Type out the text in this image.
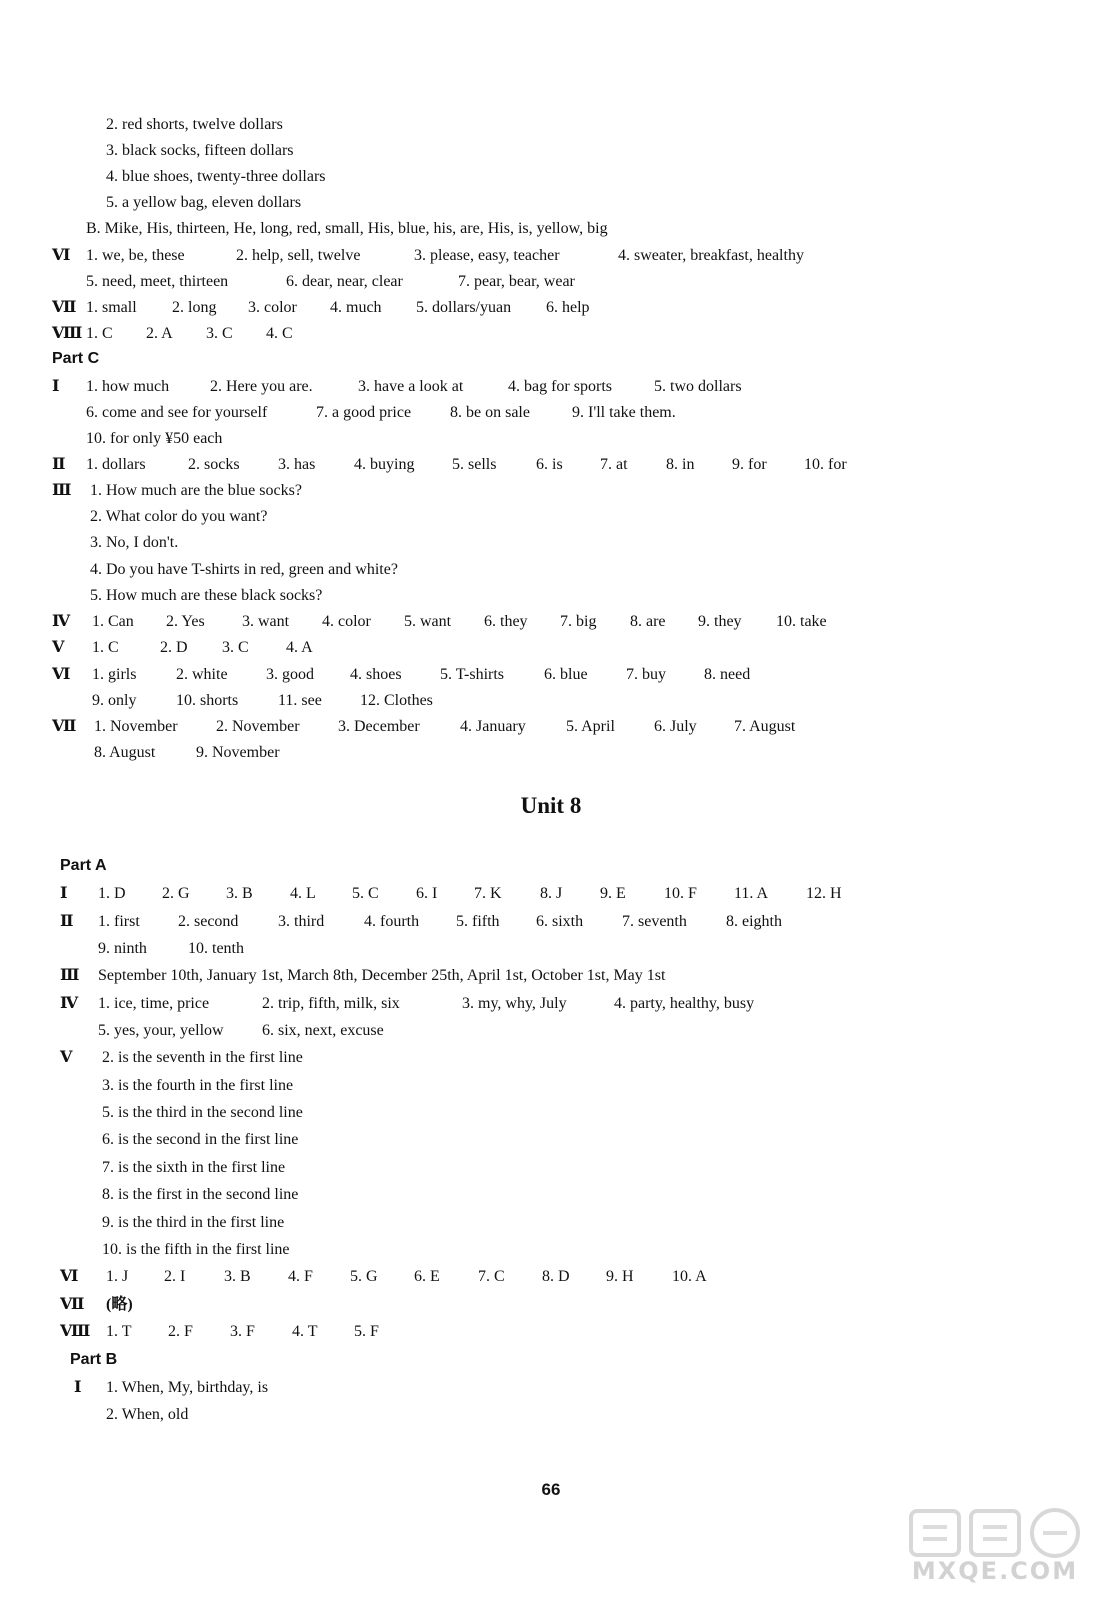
2. red shorts, twelve dollars
3. black socks, fifteen dollars
4. blue shoes, twenty-three dollars
5. a yellow bag, eleven dollars
B. Mike, His, thirteen, He, long, red, small, His, blue, his, are, His, is, yellow, big
Ⅵ 1. we, be, these	2. help, sell, twelve	3. please, easy, teacher	4. sweater, breakfast, healthy
5. need, meet, thirteen	6. dear, near, clear	7. pear, bear, wear
Ⅶ 1. small 2. long 3. color 4. much 5. dollars/yuan 6. help
Ⅷ 1. C 2. A 3. C 4. C
Part C
Ⅰ 1. how much	2. Here you are.	3. have a look at	4. bag for sports	5. two dollars
6. come and see for yourself	7. a good price 8. be on sale	9. I'll take them.
10. for only ¥50 each
Ⅱ 1. dollars	2. socks 3. has 4. buying 5. sells 6. is 7. at 8. in 9. for 10. for
Ⅲ 1. How much are the blue socks?
2. What color do you want?
3. No, I don't.
4. Do you have T-shirts in red, green and white?
5. How much are these black socks?
Ⅳ 1. Can 2. Yes 3. want 4. color 5. want 6. they 7. big 8. are 9. they 10. take
Ⅴ 1. C	2. D 3. C 4. A
Ⅵ 1. girls 2. white 3. good 4. shoes 5. T-shirts 6. blue 7. buy 8. need
9. only 10. shorts 11. see 12. Clothes
Ⅶ 1. November 2. November 3. December	4. January	5. April 6. July 7. August
8. August	9. November
Unit 8
Part A
Ⅰ 1. D 2. G 3. B 4. L 5. C 6. I 7. K 8. J 9. E 10. F 11. A 12. H
Ⅱ 1. first 2. second 3. third 4. fourth 5. fifth 6. sixth 7. seventh 8. eighth
9. ninth	10. tenth
Ⅲ September 10th, January 1st, March 8th, December 25th, April 1st, October 1st, May 1st
Ⅳ 1. ice, time, price	2. trip, fifth, milk, six	3. my, why, July	4. party, healthy, busy
5. yes, your, yellow 6. six, next, excuse
Ⅴ 2. is the seventh in the first line
3. is the fourth in the first line
5. is the third in the second line
6. is the second in the first line
7. is the sixth in the first line
8. is the first in the second line
9. is the third in the first line
10. is the fifth in the first line
Ⅵ 1. J 2. I 3. B 4. F 5. G 6. E 7. C 8. D 9. H 10. A
Ⅶ (略)
Ⅷ 1. T 2. F 3. F 4. T 5. F
Part B
Ⅰ 1. When, My, birthday, is
2. When, old
66
MXQE.COM
